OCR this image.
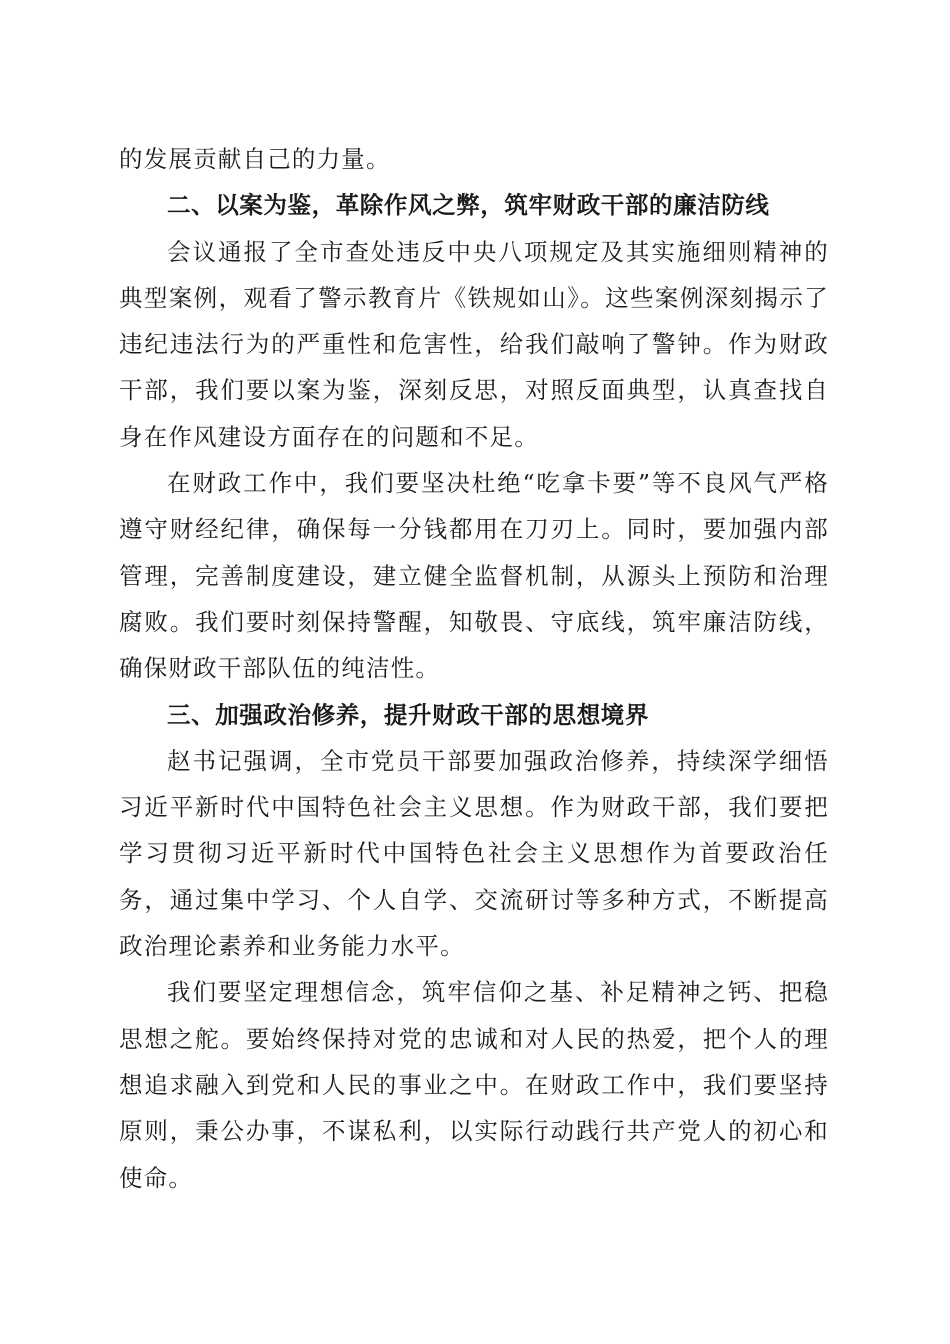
的发展贡献自己的力量。

二、以案为鉴，革除作风之弊，筑牢财政干部的廉洁防线

会议通报了全市查处违反中央八项规定及其实施细则精神的典型案例，观看了警示教育片《铁规如山》。这些案例深刻揭示了违纪违法行为的严重性和危害性，给我们敲响了警钟。作为财政干部，我们要以案为鉴，深刻反思，对照反面典型，认真查找自身在作风建设方面存在的问题和不足。

在财政工作中，我们要坚决杜绝“吃拿卡要”等不良风气严格遵守财经纪律，确保每一分钱都用在刀刃上。同时，要加强内部管理，完善制度建设，建立健全监督机制，从源头上预防和治理腐败。我们要时刻保持警醒，知敬畏、守底线，筑牢廉洁防线，确保财政干部队伍的纯洁性。

三、加强政治修养，提升财政干部的思想境界

赵书记强调，全市党员干部要加强政治修养，持续深学细悟习近平新时代中国特色社会主义思想。作为财政干部，我们要把学习贯彻习近平新时代中国特色社会主义思想作为首要政治任务，通过集中学习、个人自学、交流研讨等多种方式，不断提高政治理论素养和业务能力水平。

我们要坚定理想信念，筑牢信仰之基、补足精神之钙、把稳思想之舵。要始终保持对党的忠诚和对人民的热爱，把个人的理想追求融入到党和人民的事业之中。在财政工作中，我们要坚持原则，秉公办事，不谋私利，以实际行动践行共产党人的初心和使命。
